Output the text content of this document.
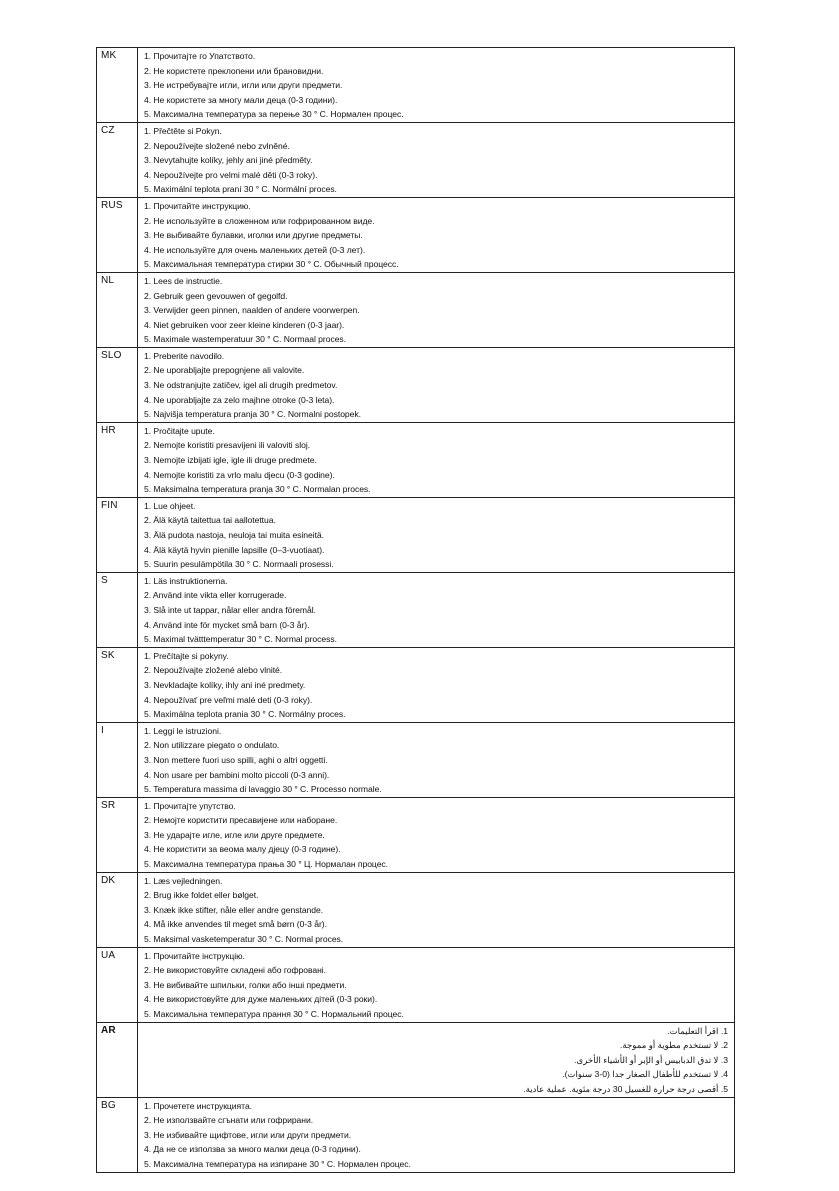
MK	1. Прочитајте го Упатството.
2. Не користете преклопени или брановидни.
3. Не истребувајте игли, игли или други предмети.
4. Не користете за многу мали деца (0-3 години).
5. Максимална температура за перење 30 ° C. Нормален процес.

CZ	1. Přečtěte si Pokyn.
2. Nepoužívejte složené nebo zvlněné.
3. Nevytahujte kolíky, jehly ani jiné předměty.
4. Nepoužívejte pro velmi malé děti (0-3 roky).
5. Maximální teplota praní 30 ° C. Normální proces.

RUS	1. Прочитайте инструкцию.
2. Не используйте в сложенном или гофрированном виде.
3. Не выбивайте булавки, иголки или другие предметы.
4. Не используйте для очень маленьких детей (0-3 лет).
5. Максимальная температура стирки 30 ° C. Обычный процесс.

NL	1. Lees de instructie.
2. Gebruik geen gevouwen of gegolfd.
3. Verwijder geen pinnen, naalden of andere voorwerpen.
4. Niet gebruiken voor zeer kleine kinderen (0-3 jaar).
5. Maximale wastemperatuur 30 ° C. Normaal proces.

SLO	1. Preberite navodilo.
2. Ne uporabljajte prepognjene ali valovite.
3. Ne odstranjujte zatičev, igel ali drugih predmetov.
4. Ne uporabljajte za zelo majhne otroke (0-3 leta).
5. Najvišja temperatura pranja 30 ° C. Normalni postopek.

HR	1. Pročitajte upute.
2. Nemojte koristiti presavijeni ili valoviti sloj.
3. Nemojte izbijati igle, igle ili druge predmete.
4. Nemojte koristiti za vrlo malu djecu (0-3 godine).
5. Maksimalna temperatura pranja 30 ° C. Normalan proces.

FIN	1. Lue ohjeet.
2. Älä käytä taitettua tai aallotettua.
3. Älä pudota nastoja, neuloja tai muita esineitä.
4. Älä käytä hyvin pienille lapsille (0–3-vuotiaat).
5. Suurin pesulämpötila 30 ° C. Normaali prosessi.

S	1. Läs instruktionerna.
2. Använd inte vikta eller korrugerade.
3. Slå inte ut tappar, nålar eller andra föremål.
4. Använd inte för mycket små barn (0-3 år).
5. Maximal tvätttemperatur 30 ° C. Normal process.

SK	1. Prečítajte si pokyny.
2. Nepoužívajte zložené alebo vlnité.
3. Nevkladajte kolíky, ihly ani iné predmety.
4. Nepoužívať pre veľmi malé deti (0-3 roky).
5. Maximálna teplota prania 30 ° C. Normálny proces.

I	1. Leggi le istruzioni.
2. Non utilizzare piegato o ondulato.
3. Non mettere fuori uso spilli, aghi o altri oggetti.
4. Non usare per bambini molto piccoli (0-3 anni).
5. Temperatura massima di lavaggio 30 ° C. Processo normale.

SR	1. Прочитајте упутство.
2. Немојте користити пресавијене или набoране.
3. Не ударајте игле, игле или друге предмете.
4. Не користити за веома малу дјецу (0-3 године).
5. Максимална температура прања 30 ° Ц. Нормалан процес.

DK	1. Læs vejledningen.
2. Brug ikke foldet eller bølget.
3. Knæk ikke stifter, nåle eller andre genstande.
4. Må ikke anvendes til meget små børn (0-3 år).
5. Maksimal vasketemperatur 30 ° C. Normal proces.

UA	1. Прочитайте інструкцію.
2. Не використовуйте складені або гофровані.
3. Не вибивайте шпильки, голки або інші предмети.
4. Не використовуйте для дуже маленьких дітей (0-3 роки).
5. Максимальна температура прання 30 ° C. Нормальний процес.

AR	1. اقرأ التعليمات.
2. لا تستخدم مطوية أو مموجة.
3. لا تدق الدبابيس أو الإبر أو الأشياء الأخرى.
4. لا تستخدم للأطفال الصغار جدا (0-3 سنوات).
5. أقصى درجة حرارة للغسيل 30 درجة مئوية. عملية عادية.

BG	1. Прочетете инструкцията.
2. Не използвайте сгънати или гофрирани.
3. Не избивайте щифтове, игли или други предмети.
4. Да не се използва за много малки деца (0-3 години).
5. Максимална температура на изпиране 30 ° C. Нормален процес.
